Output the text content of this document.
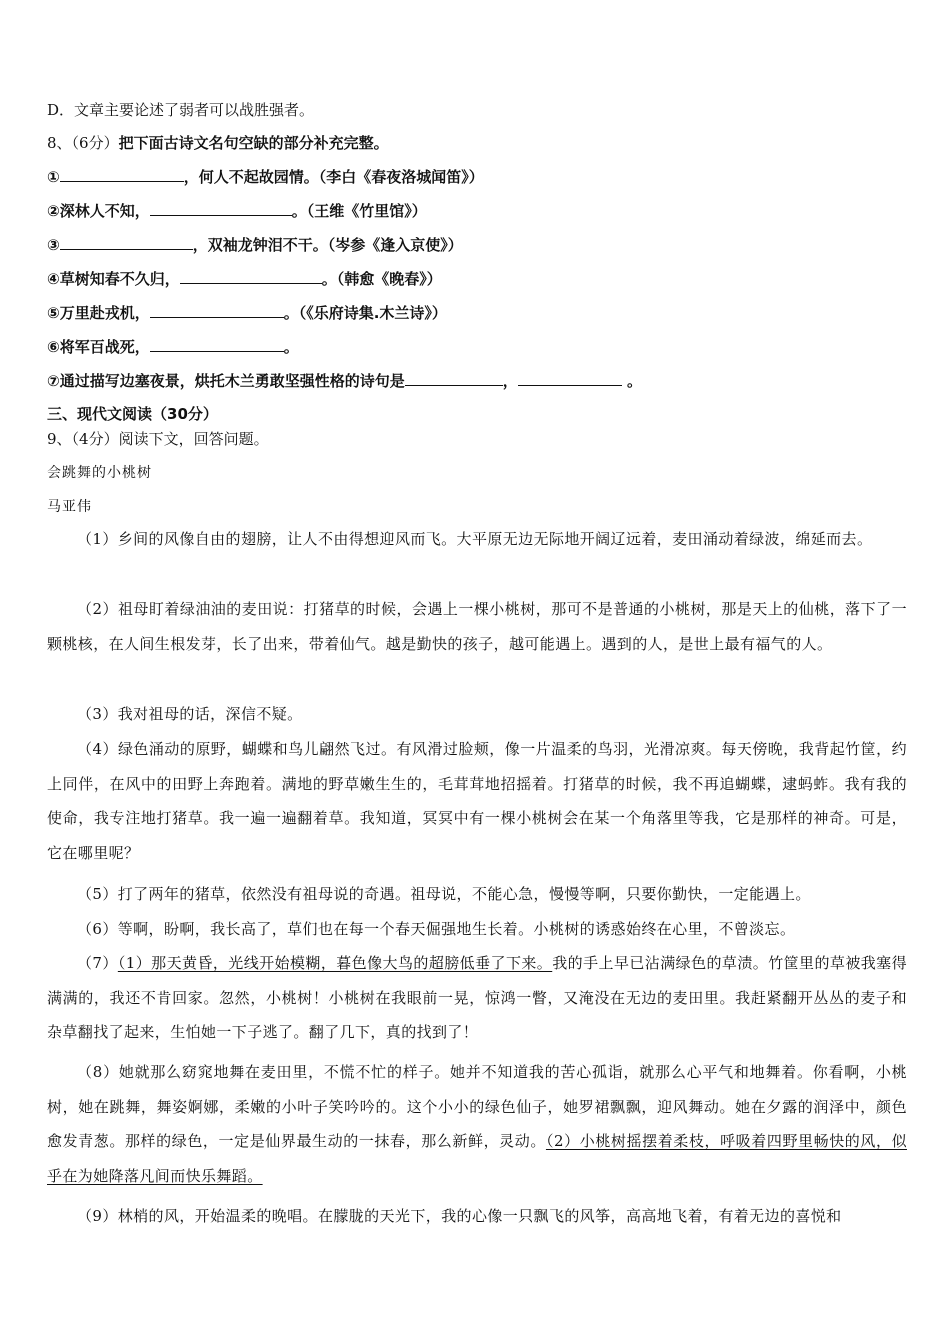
D．文章主要论述了弱者可以战胜强者。
8、（6分）把下面古诗文名句空缺的部分补充完整。
①	，何人不起故园情。（李白《春夜洛城闻笛》）
②深林人不知，	。（王维《竹里馆》）
③	，双袖龙钟泪不干。（岑参《逢入京使》）
④草树知春不久归，	。（韩愈《晚春》）
⑤万里赴戎机，	。（《乐府诗集.木兰诗》）
⑥将军百战死，	。
⑦通过描写边塞夜景，烘托木兰勇敢坚强性格的诗句是	，	。
三、现代文阅读（30分）
9、（4分）阅读下文，回答问题。
会跳舞的小桃树
马亚伟
（1）乡间的风像自由的翅膀，让人不由得想迎风而飞。大平原无边无际地开阔辽远着，麦田涌动着绿波，绵延而去。
（2）祖母盯着绿油油的麦田说：打猪草的时候，会遇上一棵小桃树，那可不是普通的小桃树，那是天上的仙桃，落下了一颗桃核，在人间生根发芽，长了出来，带着仙气。越是勤快的孩子，越可能遇上。遇到的人，是世上最有福气的人。
（3）我对祖母的话，深信不疑。
（4）绿色涌动的原野，蝴蝶和鸟儿翩然飞过。有风滑过脸颊，像一片温柔的鸟羽，光滑凉爽。每天傍晚，我背起竹筐，约上同伴，在风中的田野上奔跑着。满地的野草嫩生生的，毛茸茸地招摇着。打猪草的时候，我不再追蝴蝶，逮蚂蚱。我有我的使命，我专注地打猪草。我一遍一遍翻着草。我知道，冥冥中有一棵小桃树会在某一个角落里等我，它是那样的神奇。可是，它在哪里呢？
（5）打了两年的猪草，依然没有祖母说的奇遇。祖母说，不能心急，慢慢等啊，只要你勤快，一定能遇上。
（6）等啊，盼啊，我长高了，草们也在每一个春天倔强地生长着。小桃树的诱惑始终在心里，不曾淡忘。
（7）（1）那天黄昏，光线开始模糊，暮色像大鸟的超膀低垂了下来。我的手上早已沾满绿色的草渍。竹筐里的草被我塞得满满的，我还不肯回家。忽然，小桃树！小桃树在我眼前一晃，惊鸿一瞥，又淹没在无边的麦田里。我赶紧翻开丛丛的麦子和杂草翻找了起来，生怕她一下子逃了。翻了几下，真的找到了！
（8）她就那么窈窕地舞在麦田里，不慌不忙的样子。她并不知道我的苦心孤诣，就那么心平气和地舞着。你看啊，小桃树，她在跳舞，舞姿婀娜，柔嫩的小叶子笑吟吟的。这个小小的绿色仙子，她罗裙飘飘，迎风舞动。她在夕露的润泽中，颜色愈发青葱。那样的绿色，一定是仙界最生动的一抹春，那么新鲜，灵动。（2）小桃树摇摆着柔枝，呼吸着四野里畅快的风，似乎在为她降落凡间而快乐舞蹈。
（9）林梢的风，开始温柔的晚唱。在朦胧的天光下，我的心像一只飘飞的风筝，高高地飞着，有着无边的喜悦和
